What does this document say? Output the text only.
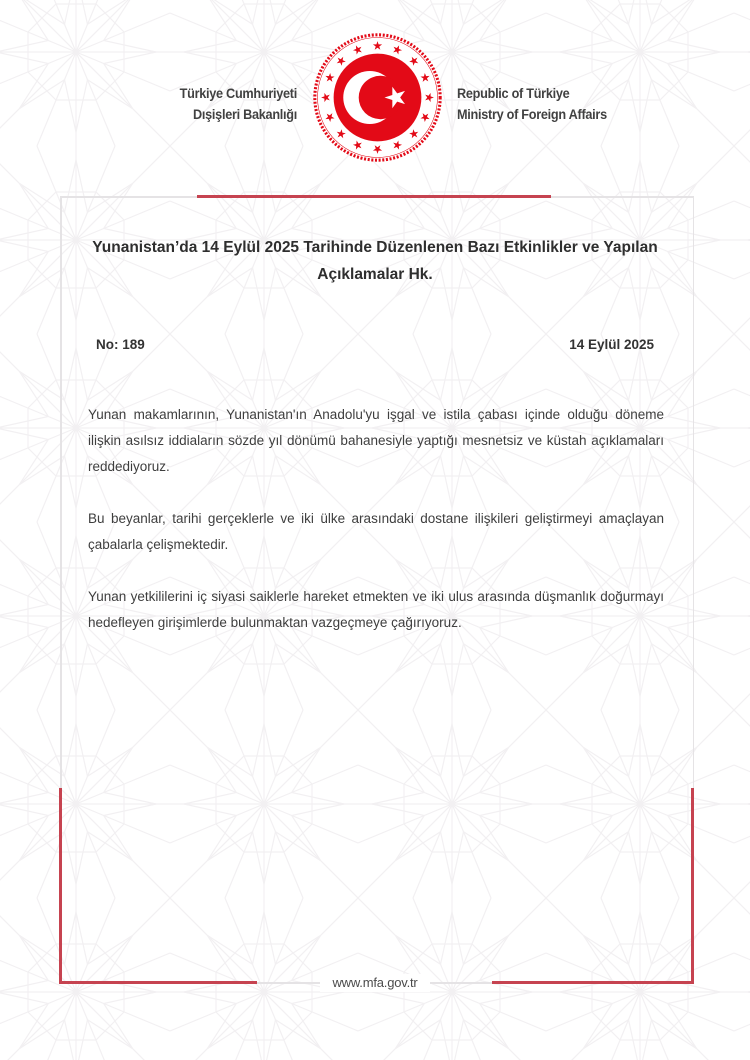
Türkiye Cumhuriyeti
Dışişleri Bakanlığı
Republic of Türkiye
Ministry of Foreign Affairs
Yunanistan’da 14 Eylül 2025 Tarihinde Düzenlenen Bazı Etkinlikler ve Yapılan Açıklamalar Hk.
No: 189	14 Eylül 2025

Yunan makamlarının, Yunanistan'ın Anadolu'yu işgal ve istila çabası içinde olduğu döneme ilişkin asılsız iddiaların sözde yıl dönümü bahanesiyle yaptığı mesnetsiz ve küstah açıklamaları reddediyoruz.

Bu beyanlar, tarihi gerçeklerle ve iki ülke arasındaki dostane ilişkileri geliştirmeyi amaçlayan çabalarla çelişmektedir.

Yunan yetkililerini iç siyasi saiklerle hareket etmekten ve iki ulus arasında düşmanlık doğurmayı hedefleyen girişimlerde bulunmaktan vazgeçmeye çağırıyoruz.

www.mfa.gov.tr
